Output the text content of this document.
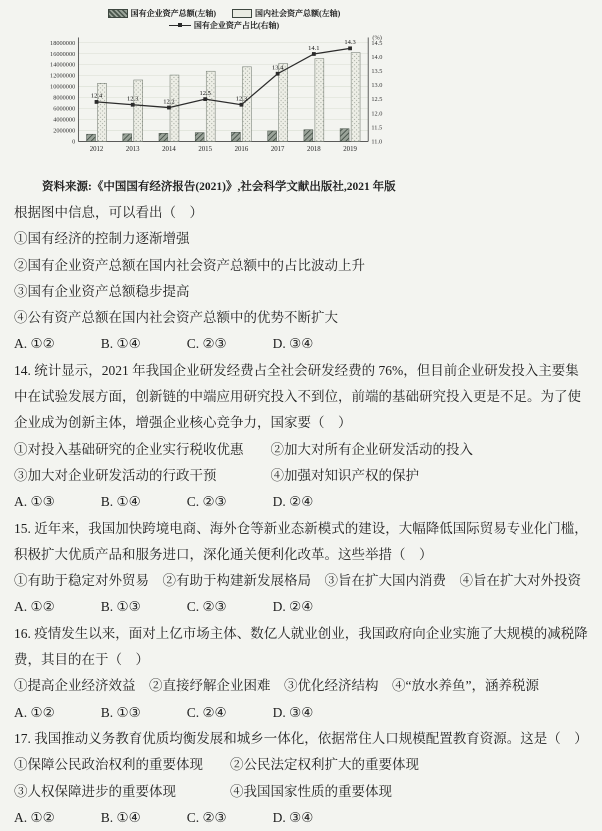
国有企业资产总额(左轴)	国内社会资产总额(左轴)
国有企业资产占比(右轴)
0
2000000
4000000
6000000
8000000
10000000
12000000
14000000
16000000
18000000
11.0
11.5
12.0
12.5
13.0
13.5
14.0
14.5
(%)
2012	2013	2014	2015	2016	2017	2018	2019
12.4	12.3	12.2
12.5
12.3
13.4
14.1
14.3
资料来源:《中国国有经济报告(2021)》,社会科学文献出版社,2021 年版
根据图中信息，可以看出（　）
①国有经济的控制力逐渐增强
②国有企业资产总额在国内社会资产总额中的占比波动上升
③国有企业资产总额稳步提高
④公有资产总额在国内社会资产总额中的优势不断扩大
A. ①②	B. ①④	C. ②③	D. ③④
14. 统计显示，2021 年我国企业研发经费占全社会研发经费的 76%，但目前企业研发投入主要集中在试验发展方面，创新链的中端应用研究投入不到位，前端的基础研究投入更是不足。为了使企业成为创新主体，增强企业核心竞争力，国家要（　）
①对投入基础研究的企业实行税收优惠　　②加大对所有企业研发活动的投入
③加大对企业研发活动的行政干预　　　　④加强对知识产权的保护
A. ①③	B. ①④	C. ②③	D. ②④
15. 近年来，我国加快跨境电商、海外仓等新业态新模式的建设，大幅降低国际贸易专业化门槛，积极扩大优质产品和服务进口，深化通关便利化改革。这些举措（　）
①有助于稳定对外贸易　②有助于构建新发展格局　③旨在扩大国内消费　④旨在扩大对外投资
A. ①②	B. ①③	C. ②③	D. ②④
16. 疫情发生以来，面对上亿市场主体、数亿人就业创业，我国政府向企业实施了大规模的减税降费，其目的在于（　）
①提高企业经济效益　②直接纾解企业困难　③优化经济结构　④“放水养鱼”，涵养税源
A. ①②	B. ①③	C. ②④	D. ③④
17. 我国推动义务教育优质均衡发展和城乡一体化，依据常住人口规模配置教育资源。这是（　）
①保障公民政治权利的重要体现　　②公民法定权利扩大的重要体现
③人权保障进步的重要体现　　　　④我国国家性质的重要体现
A. ①②	B. ①④	C. ②③	D. ③④
